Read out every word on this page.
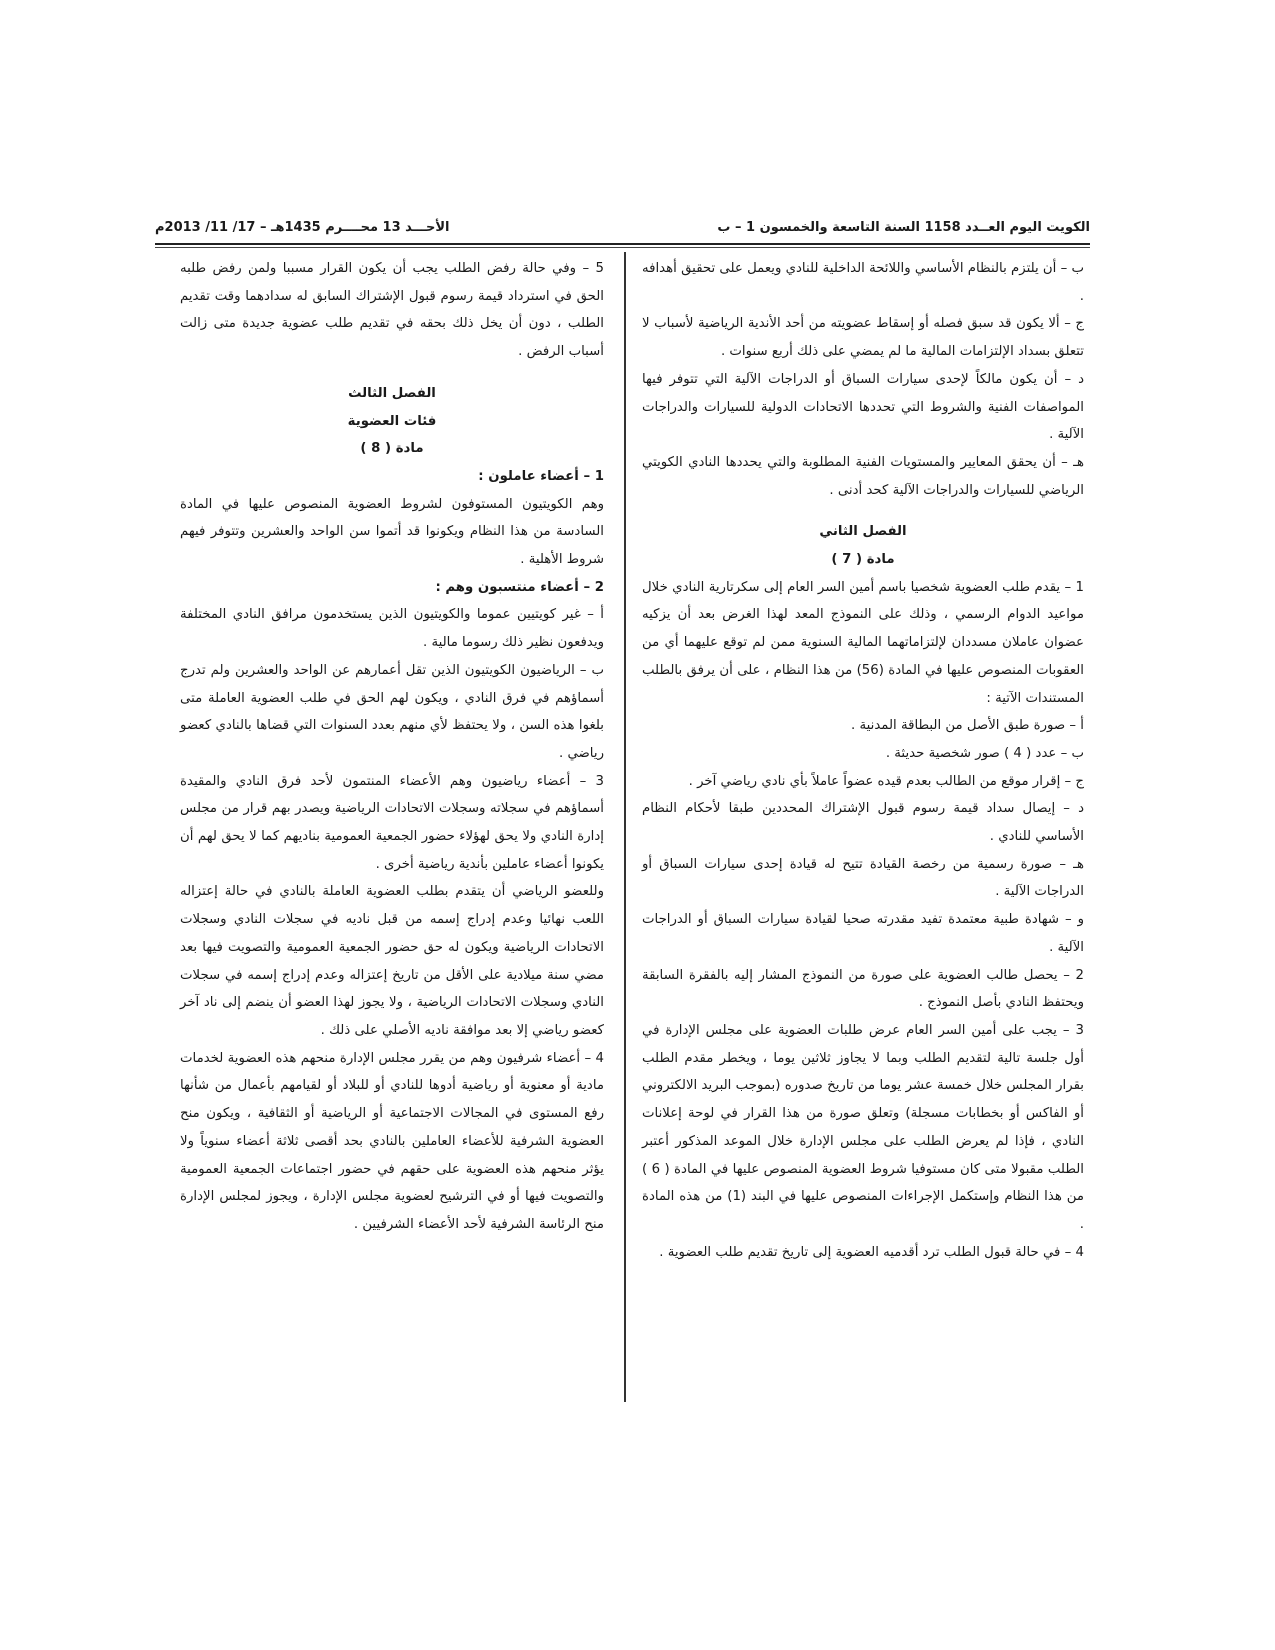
الكويت اليوم العــدد 1158 السنة التاسعة والخمسون 1 – ب
الأحـــد 13 محــــرم 1435هـ – 17/ 11/ 2013م

ب – أن يلتزم بالنظام الأساسي واللائحة الداخلية للنادي ويعمل على تحقيق أهدافه .

ج – ألا يكون قد سبق فصله أو إسقاط عضويته من أحد الأندية الرياضية لأسباب لا تتعلق بسداد الإلتزامات المالية ما لم يمضي على ذلك أربع سنوات .

د – أن يكون مالكاً لإحدى سيارات السباق أو الدراجات الآلية التي تتوفر فيها المواصفات الفنية والشروط التي تحددها الاتحادات الدولية للسيارات والدراجات الآلية .

هـ – أن يحقق المعايير والمستويات الفنية المطلوبة والتي يحددها النادي الكويتي الرياضي للسيارات والدراجات الآلية كحد أدنى .

الفصل الثاني

مادة ( 7 )

1 – يقدم طلب العضوية شخصيا باسم أمين السر العام إلى سكرتارية النادي خلال مواعيد الدوام الرسمي ، وذلك على النموذج المعد لهذا الغرض بعد أن يزكيه عضوان عاملان مسددان لإلتزاماتهما المالية السنوية ممن لم توقع عليهما أي من العقوبات المنصوص عليها في المادة (56) من هذا النظام ، على أن يرفق بالطلب المستندات الآتية :

أ – صورة طبق الأصل من البطاقة المدنية .

ب – عدد ( 4 ) صور شخصية حديثة .

ج – إقرار موقع من الطالب بعدم قيده عضواً عاملاً بأي نادي رياضي آخر .

د – إيصال سداد قيمة رسوم قبول الإشتراك المحددين طبقا لأحكام النظام الأساسي للنادي .

هـ – صورة رسمية من رخصة القيادة تتيح له قيادة إحدى سيارات السباق أو الدراجات الآلية .

و – شهادة طبية معتمدة تفيد مقدرته صحيا لقيادة سيارات السباق أو الدراجات الآلية .

2 – يحصل طالب العضوية على صورة من النموذج المشار إليه بالفقرة السابقة ويحتفظ النادي بأصل النموذج .

3 – يجب على أمين السر العام عرض طلبات العضوية على مجلس الإدارة في أول جلسة تالية لتقديم الطلب وبما لا يجاوز ثلاثين يوما ، ويخطر مقدم الطلب بقرار المجلس خلال خمسة عشر يوما من تاريخ صدوره (بموجب البريد الالكتروني أو الفاكس أو بخطابات مسجلة) وتعلق صورة من هذا القرار في لوحة إعلانات النادي ، فإذا لم يعرض الطلب على مجلس الإدارة خلال الموعد المذكور أعتبر الطلب مقبولا متى كان مستوفيا شروط العضوية المنصوص عليها في المادة ( 6 ) من هذا النظام وإستكمل الإجراءات المنصوص عليها في البند (1) من هذه المادة .

4 – في حالة قبول الطلب ترد أقدميه العضوية إلى تاريخ تقديم طلب العضوية .

5 – وفي حالة رفض الطلب يجب أن يكون القرار مسببا ولمن رفض طلبه الحق في استرداد قيمة رسوم قبول الإشتراك السابق له سدادهما وقت تقديم الطلب ، دون أن يخل ذلك بحقه في تقديم طلب عضوية جديدة متى زالت أسباب الرفض .

الفصل الثالث

فئات العضوية

مادة ( 8 )

1 – أعضاء عاملون :

وهم الكويتيون المستوفون لشروط العضوية المنصوص عليها في المادة السادسة من هذا النظام ويكونوا قد أتموا سن الواحد والعشرين وتتوفر فيهم شروط الأهلية .

2 – أعضاء منتسبون وهم :

أ – غير كويتيين عموما والكويتيون الذين يستخدمون مرافق النادي المختلفة ويدفعون نظير ذلك رسوما مالية .

ب – الرياضيون الكويتيون الذين تقل أعمارهم عن الواحد والعشرين ولم تدرج أسماؤهم في فرق النادي ، ويكون لهم الحق في طلب العضوية العاملة متى بلغوا هذه السن ، ولا يحتفظ لأي منهم بعدد السنوات التي قضاها بالنادي كعضو رياضي .

3 – أعضاء رياضيون وهم الأعضاء المنتمون لأحد فرق النادي والمقيدة أسماؤهم في سجلاته وسجلات الاتحادات الرياضية ويصدر بهم قرار من مجلس إدارة النادي ولا يحق لهؤلاء حضور الجمعية العمومية بناديهم كما لا يحق لهم أن يكونوا أعضاء عاملين بأندية رياضية أخرى .

وللعضو الرياضي أن يتقدم بطلب العضوية العاملة بالنادي في حالة إعتزاله اللعب نهائيا وعدم إدراج إسمه من قبل ناديه في سجلات النادي وسجلات الاتحادات الرياضية ويكون له حق حضور الجمعية العمومية والتصويت فيها بعد مضي سنة ميلادية على الأقل من تاريخ إعتزاله وعدم إدراج إسمه في سجلات النادي وسجلات الاتحادات الرياضية ، ولا يجوز لهذا العضو أن ينضم إلى ناد آخر كعضو رياضي إلا بعد موافقة ناديه الأصلي على ذلك .

4 – أعضاء شرفيون وهم من يقرر مجلس الإدارة منحهم هذه العضوية لخدمات مادية أو معنوية أو رياضية أدوها للنادي أو للبلاد أو لقيامهم بأعمال من شأنها رفع المستوى في المجالات الاجتماعية أو الرياضية أو الثقافية ، ويكون منح العضوية الشرفية للأعضاء العاملين بالنادي بحد أقصى ثلاثة أعضاء سنوياً ولا يؤثر منحهم هذه العضوية على حقهم في حضور اجتماعات الجمعية العمومية والتصويت فيها أو في الترشيح لعضوية مجلس الإدارة ، ويجوز لمجلس الإدارة منح الرئاسة الشرفية لأحد الأعضاء الشرفيين .
